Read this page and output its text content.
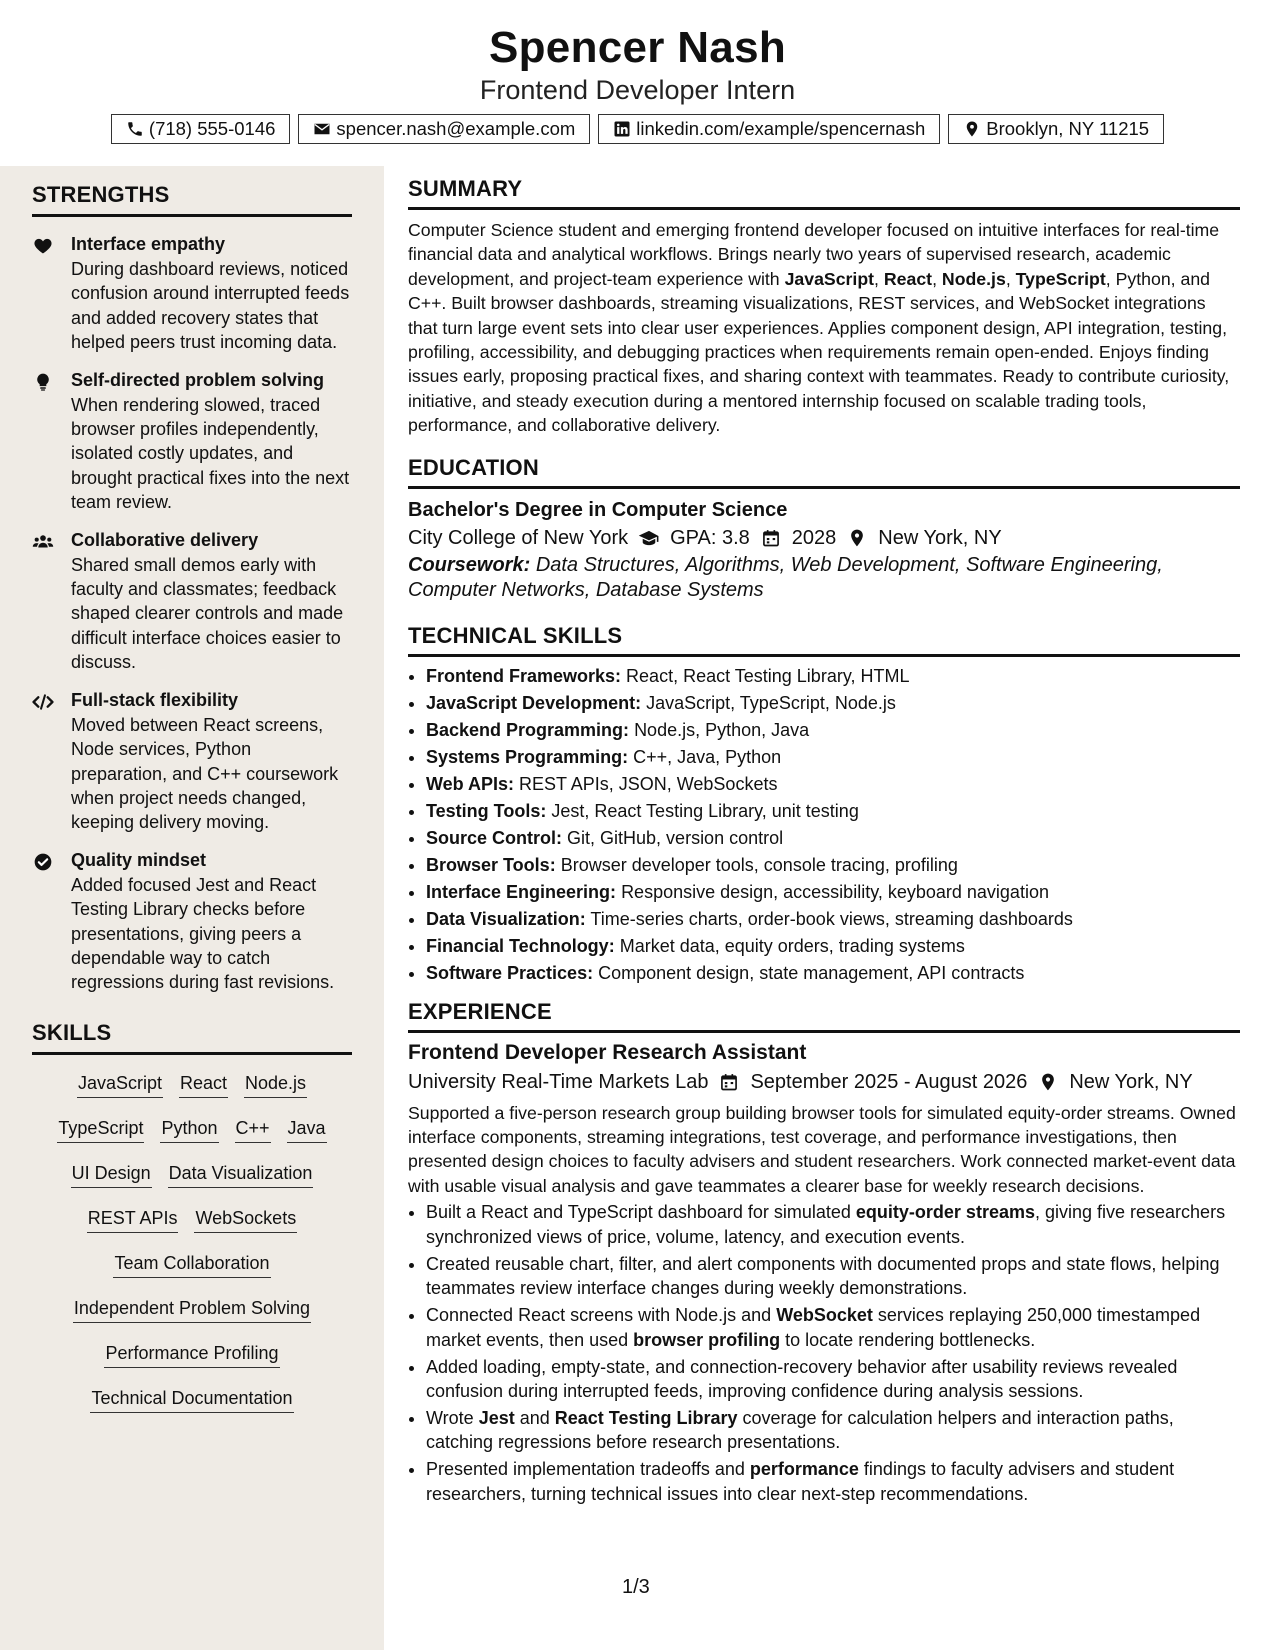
Spencer Nash
Frontend Developer Intern
(718) 555-0146	spencer.nash@example.com	linkedin.com/example/spencernash	Brooklyn, NY 11215
STRENGTHS
Interface empathy
During dashboard reviews, noticed confusion around interrupted feeds and added recovery states that helped peers trust incoming data.
Self-directed problem solving
When rendering slowed, traced browser profiles independently, isolated costly updates, and brought practical fixes into the next team review.
Collaborative delivery
Shared small demos early with faculty and classmates; feedback shaped clearer controls and made difficult interface choices easier to discuss.
Full-stack flexibility
Moved between React screens, Node services, Python preparation, and C++ coursework when project needs changed, keeping delivery moving.
Quality mindset
Added focused Jest and React Testing Library checks before presentations, giving peers a dependable way to catch regressions during fast revisions.
SKILLS
JavaScript React Node.js
TypeScript Python C++ Java
UI Design Data Visualization
REST APIs WebSockets
Team Collaboration
Independent Problem Solving
Performance Profiling
Technical Documentation
SUMMARY
Computer Science student and emerging frontend developer focused on intuitive interfaces for real-time financial data and analytical workflows. Brings nearly two years of supervised research, academic development, and project-team experience with JavaScript, React, Node.js, TypeScript, Python, and C++. Built browser dashboards, streaming visualizations, REST services, and WebSocket integrations that turn large event sets into clear user experiences. Applies component design, API integration, testing, profiling, accessibility, and debugging practices when requirements remain open-ended. Enjoys finding issues early, proposing practical fixes, and sharing context with teammates. Ready to contribute curiosity, initiative, and steady execution during a mentored internship focused on scalable trading tools, performance, and collaborative delivery.
EDUCATION
Bachelor's Degree in Computer Science
City College of New York GPA: 3.8 2028 New York, NY
Coursework: Data Structures, Algorithms, Web Development, Software Engineering, Computer Networks, Database Systems
TECHNICAL SKILLS
• Frontend Frameworks: React, React Testing Library, HTML
• JavaScript Development: JavaScript, TypeScript, Node.js
• Backend Programming: Node.js, Python, Java
• Systems Programming: C++, Java, Python
• Web APIs: REST APIs, JSON, WebSockets
• Testing Tools: Jest, React Testing Library, unit testing
• Source Control: Git, GitHub, version control
• Browser Tools: Browser developer tools, console tracing, profiling
• Interface Engineering: Responsive design, accessibility, keyboard navigation
• Data Visualization: Time-series charts, order-book views, streaming dashboards
• Financial Technology: Market data, equity orders, trading systems
• Software Practices: Component design, state management, API contracts
EXPERIENCE
Frontend Developer Research Assistant
University Real-Time Markets Lab September 2025 - August 2026 New York, NY
Supported a five-person research group building browser tools for simulated equity-order streams. Owned interface components, streaming integrations, test coverage, and performance investigations, then presented design choices to faculty advisers and student researchers. Work connected market-event data with usable visual analysis and gave teammates a clearer base for weekly research decisions.
• Built a React and TypeScript dashboard for simulated equity-order streams, giving five researchers synchronized views of price, volume, latency, and execution events.
• Created reusable chart, filter, and alert components with documented props and state flows, helping teammates review interface changes during weekly demonstrations.
• Connected React screens with Node.js and WebSocket services replaying 250,000 timestamped market events, then used browser profiling to locate rendering bottlenecks.
• Added loading, empty-state, and connection-recovery behavior after usability reviews revealed confusion during interrupted feeds, improving confidence during analysis sessions.
• Wrote Jest and React Testing Library coverage for calculation helpers and interaction paths, catching regressions before research presentations.
• Presented implementation tradeoffs and performance findings to faculty advisers and student researchers, turning technical issues into clear next-step recommendations.
1/3
